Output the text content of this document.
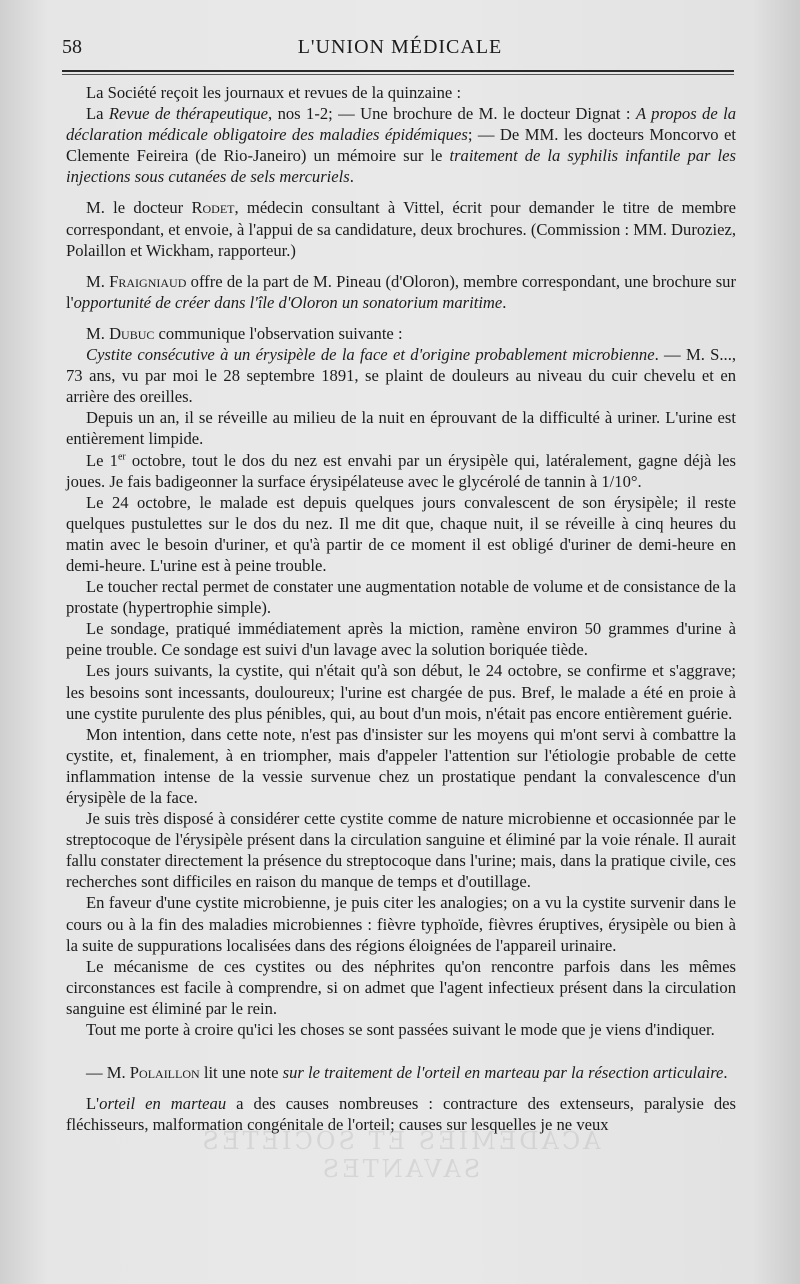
58	L'UNION MÉDICALE
ACADÉMIES ET SOCIÉTÉS SAVANTES

La Société reçoit les journaux et revues de la quinzaine :

La Revue de thérapeutique, nos 1-2; — Une brochure de M. le docteur Dignat : A propos de la déclaration médicale obligatoire des maladies épidémiques; — De MM. les docteurs Moncorvo et Clemente Feireira (de Rio-Janeiro) un mémoire sur le traitement de la syphilis infantile par les injections sous cutanées de sels mercuriels.

M. le docteur Rodet, médecin consultant à Vittel, écrit pour demander le titre de membre correspondant, et envoie, à l'appui de sa candidature, deux brochures. (Commission : MM. Duroziez, Polaillon et Wickham, rapporteur.)

M. Fraigniaud offre de la part de M. Pineau (d'Oloron), membre correspondant, une brochure sur l'opportunité de créer dans l'île d'Oloron un sonatorium maritime.

M. Dubuc communique l'observation suivante :

Cystite consécutive à un érysipèle de la face et d'origine probablement microbienne. — M. S..., 73 ans, vu par moi le 28 septembre 1891, se plaint de douleurs au niveau du cuir chevelu et en arrière des oreilles.

Depuis un an, il se réveille au milieu de la nuit en éprouvant de la difficulté à uriner. L'urine est entièrement limpide.

Le 1er octobre, tout le dos du nez est envahi par un érysipèle qui, latéralement, gagne déjà les joues. Je fais badigeonner la surface érysipélateuse avec le glycérolé de tannin à 1/10°.

Le 24 octobre, le malade est depuis quelques jours convalescent de son érysipèle; il reste quelques pustulettes sur le dos du nez. Il me dit que, chaque nuit, il se réveille à cinq heures du matin avec le besoin d'uriner, et qu'à partir de ce moment il est obligé d'uriner de demi-heure en demi-heure. L'urine est à peine trouble.

Le toucher rectal permet de constater une augmentation notable de volume et de consistance de la prostate (hypertrophie simple).

Le sondage, pratiqué immédiatement après la miction, ramène environ 50 grammes d'urine à peine trouble. Ce sondage est suivi d'un lavage avec la solution boriquée tiède.

Les jours suivants, la cystite, qui n'était qu'à son début, le 24 octobre, se confirme et s'aggrave; les besoins sont incessants, douloureux; l'urine est chargée de pus. Bref, le malade a été en proie à une cystite purulente des plus pénibles, qui, au bout d'un mois, n'était pas encore entièrement guérie.

Mon intention, dans cette note, n'est pas d'insister sur les moyens qui m'ont servi à combattre la cystite, et, finalement, à en triompher, mais d'appeler l'attention sur l'étiologie probable de cette inflammation intense de la vessie survenue chez un prostatique pendant la convalescence d'un érysipèle de la face.

Je suis très disposé à considérer cette cystite comme de nature microbienne et occasionnée par le streptocoque de l'érysipèle présent dans la circulation sanguine et éliminé par la voie rénale. Il aurait fallu constater directement la présence du streptocoque dans l'urine; mais, dans la pratique civile, ces recherches sont difficiles en raison du manque de temps et d'outillage.

En faveur d'une cystite microbienne, je puis citer les analogies; on a vu la cystite survenir dans le cours ou à la fin des maladies microbiennes : fièvre typhoïde, fièvres éruptives, érysipèle ou bien à la suite de suppurations localisées dans des régions éloignées de l'appareil urinaire.

Le mécanisme de ces cystites ou des néphrites qu'on rencontre parfois dans les mêmes circonstances est facile à comprendre, si on admet que l'agent infectieux présent dans la circulation sanguine est éliminé par le rein.

Tout me porte à croire qu'ici les choses se sont passées suivant le mode que je viens d'indiquer.

— M. Polaillon lit une note sur le traitement de l'orteil en marteau par la résection articulaire.

L'orteil en marteau a des causes nombreuses : contracture des extenseurs, paralysie des fléchisseurs, malformation congénitale de l'orteil; causes sur lesquelles je ne veux
